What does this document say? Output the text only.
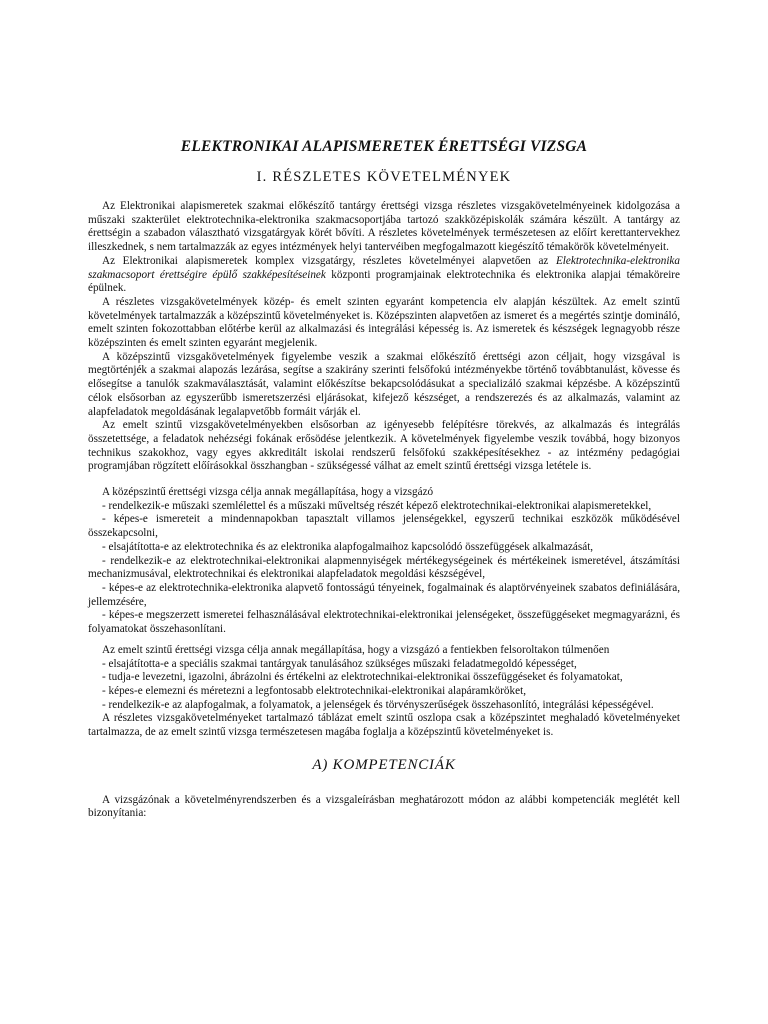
ELEKTRONIKAI ALAPISMERETEK ÉRETTSÉGI VIZSGA
I. RÉSZLETES KÖVETELMÉNYEK

Az Elektronikai alapismeretek szakmai előkészítő tantárgy érettségi vizsga részletes vizsgakövetelményeinek kidolgozása a műszaki szakterület elektrotechnika-elektronika szakmacsoportjába tartozó szakközépiskolák számára készült. A tantárgy az érettségin a szabadon választható vizsgatárgyak körét bővíti. A részletes követelmények természetesen az előírt kerettantervekhez illeszkednek, s nem tartalmazzák az egyes intézmények helyi tantervéiben megfogalmazott kiegészítő témakörök követelményeit.

Az Elektronikai alapismeretek komplex vizsgatárgy, részletes követelményei alapvetően az Elektrotechnika-elektronika szakmacsoport érettségire épülő szakképesítéseinek központi programjainak elektrotechnika és elektronika alapjai témaköreire épülnek.

A részletes vizsgakövetelmények közép- és emelt szinten egyaránt kompetencia elv alapján készültek. Az emelt szintű követelmények tartalmazzák a középszintű követelményeket is. Középszinten alapvetően az ismeret és a megértés szintje domináló, emelt szinten fokozottabban előtérbe kerül az alkalmazási és integrálási képesség is. Az ismeretek és készségek legnagyobb része középszinten és emelt szinten egyaránt megjelenik.

A középszintű vizsgakövetelmények figyelembe veszik a szakmai előkészítő érettségi azon céljait, hogy vizsgával is megtörténjék a szakmai alapozás lezárása, segítse a szakirány szerinti felsőfokú intézményekbe történő továbbtanulást, kövesse és elősegítse a tanulók szakmaválasztását, valamint előkészítse bekapcsolódásukat a specializáló szakmai képzésbe. A középszintű célok elsősorban az egyszerűbb ismeretszerzési eljárásokat, kifejező készséget, a rendszerezés és az alkalmazás, valamint az alapfeladatok megoldásának legalapvetőbb formáit várják el.

Az emelt szintű vizsgakövetelményekben elsősorban az igényesebb felépítésre törekvés, az alkalmazás és integrálás összetettsége, a feladatok nehézségi fokának erősödése jelentkezik. A követelmények figyelembe veszik továbbá, hogy bizonyos technikus szakokhoz, vagy egyes akkreditált iskolai rendszerű felsőfokú szakképesítésekhez - az intézmény pedagógiai programjában rögzített előírásokkal összhangban - szükségessé válhat az emelt szintű érettségi vizsga letétele is.

A középszintű érettségi vizsga célja annak megállapítása, hogy a vizsgázó

- rendelkezik-e műszaki szemlélettel és a műszaki műveltség részét képező elektrotechnikai-elektronikai alapismeretekkel,
- képes-e ismereteit a mindennapokban tapasztalt villamos jelenségekkel, egyszerű technikai eszközök működésével összekapcsolni,
- elsajátította-e az elektrotechnika és az elektronika alapfogalmaihoz kapcsolódó összefüggések alkalmazását,
- rendelkezik-e az elektrotechnikai-elektronikai alapmennyiségek mértékegységeinek és mértékeinek ismeretével, átszámítási mechanizmusával, elektrotechnikai és elektronikai alapfeladatok megoldási készségével,
- képes-e az elektrotechnika-elektronika alapvető fontosságú tényeinek, fogalmainak és alaptörvényeinek szabatos definiálására, jellemzésére,
- képes-e megszerzett ismeretei felhasználásával elektrotechnikai-elektronikai jelenségeket, összefüggéseket megmagyarázni, és folyamatokat összehasonlítani.

Az emelt szintű érettségi vizsga célja annak megállapítása, hogy a vizsgázó a fentiekben felsoroltakon túlmenően

- elsajátította-e a speciális szakmai tantárgyak tanulásához szükséges műszaki feladatmegoldó képességet,
- tudja-e levezetni, igazolni, ábrázolni és értékelni az elektrotechnikai-elektronikai összefüggéseket és folyamatokat,
- képes-e elemezni és méretezni a legfontosabb elektrotechnikai-elektronikai alapáramköröket,
- rendelkezik-e az alapfogalmak, a folyamatok, a jelenségek és törvényszerűségek összehasonlító, integrálási képességével.

A részletes vizsgakövetelményeket tartalmazó táblázat emelt szintű oszlopa csak a középszintet meghaladó követelményeket tartalmazza, de az emelt szintű vizsga természetesen magába foglalja a középszintű követelményeket is.

A) KOMPETENCIÁK

A vizsgázónak a követelményrendszerben és a vizsgaleírásban meghatározott módon az alábbi kompetenciák meglétét kell bizonyítania:
